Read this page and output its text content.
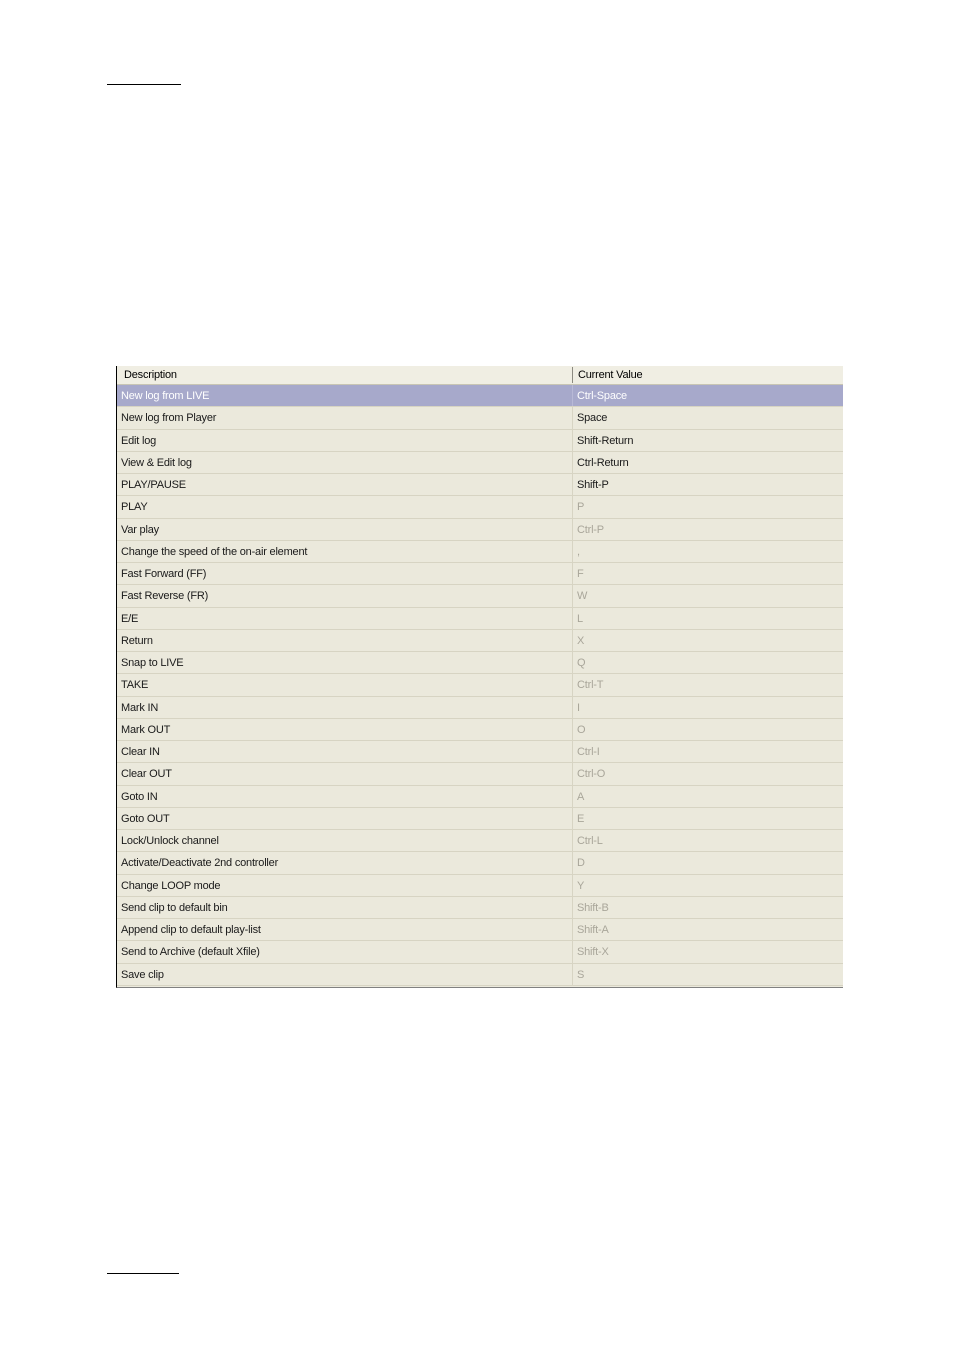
Description	Current Value
New log from LIVE	Ctrl-Space
New log from Player	Space
Edit log	Shift-Return
View & Edit log	Ctrl-Return
PLAY/PAUSE	Shift-P
PLAY	P
Var play	Ctrl-P
Change the speed of the on-air element	,
Fast Forward (FF)	F
Fast Reverse (FR)	W
E/E	L
Return	X
Snap to LIVE	Q
TAKE	Ctrl-T
Mark IN	I
Mark OUT	O
Clear IN	Ctrl-I
Clear OUT	Ctrl-O
Goto IN	A
Goto OUT	E
Lock/Unlock channel	Ctrl-L
Activate/Deactivate 2nd controller	D
Change LOOP mode	Y
Send clip to default bin	Shift-B
Append clip to default play-list	Shift-A
Send to Archive (default Xfile)	Shift-X
Save clip	S
